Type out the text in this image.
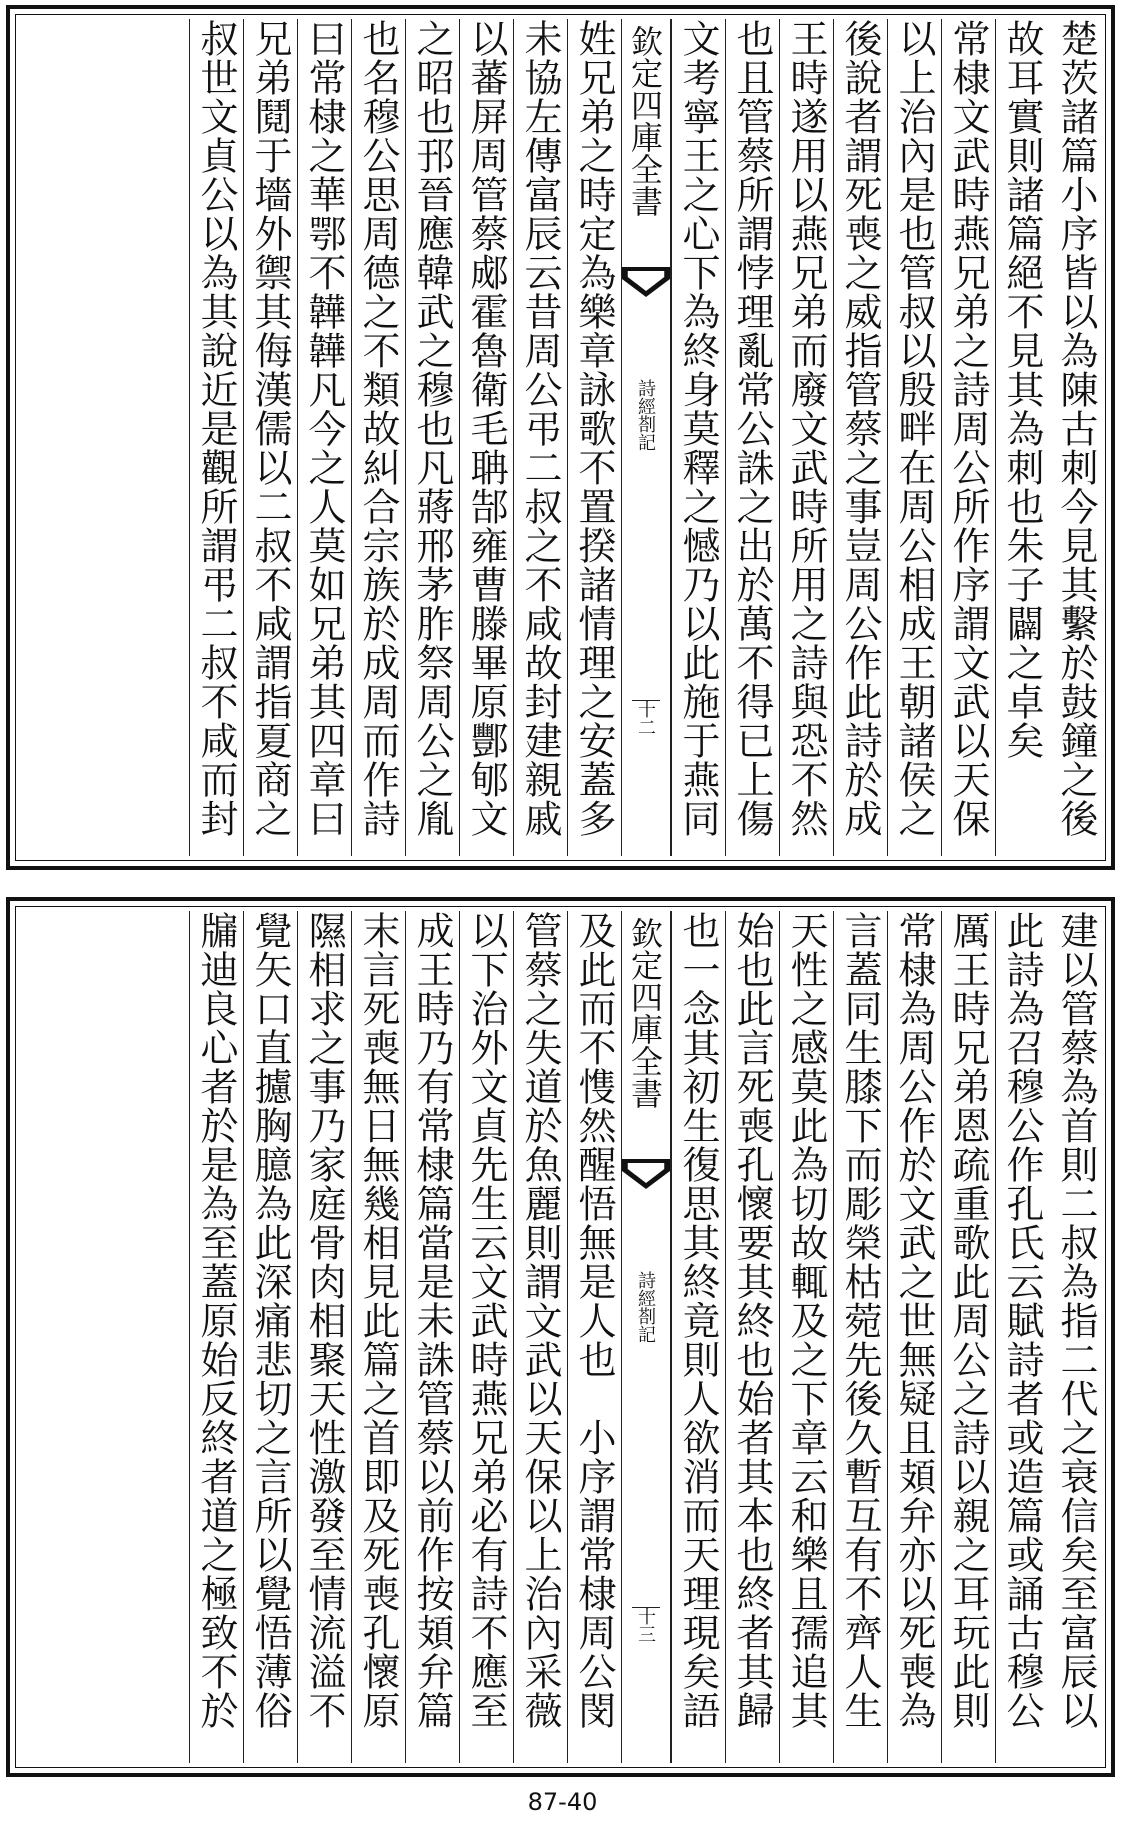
楚茨諸篇小序皆以為陳古刺今見其繫於鼓鐘之後
故耳實則諸篇絕不見其為刺也朱子闢之卓矣
常棣文武時燕兄弟之詩周公所作序謂文武以天保
以上治內是也管叔以殷畔在周公相成王朝諸侯之
後說者謂死喪之威指管蔡之事豈周公作此詩於成
王時遂用以燕兄弟而廢文武時所用之詩與恐不然
也且管蔡所謂悖理亂常公誅之出於萬不得已上傷
文考寧王之心下為終身莫釋之憾乃以此施于燕同
欽定四庫全書
詩經剳記
十二
姓兄弟之時定為樂章詠歌不置揆諸情理之安蓋多
未協左傳富辰云昔周公弔二叔之不咸故封建親戚
以蕃屏周管蔡郕霍魯衛毛聃郜雍曹滕畢原酆郇文
之昭也邘晉應韓武之穆也凡蔣邢茅胙祭周公之胤
也名穆公思周德之不類故糾合宗族於成周而作詩
曰常棣之華鄂不韡韡凡今之人莫如兄弟其四章曰
兄弟鬩于墻外禦其侮漢儒以二叔不咸謂指夏商之
叔世文貞公以為其說近是觀所謂弔二叔不咸而封
建以管蔡為首則二叔為指二代之衰信矣至富辰以
此詩為召穆公作孔氏云賦詩者或造篇或誦古穆公
厲王時兄弟恩疏重歌此周公之詩以親之耳玩此則
常棣為周公作於文武之世無疑且頍弁亦以死喪為
言蓋同生膝下而彫榮枯菀先後久暫互有不齊人生
天性之感莫此為切故輒及之下章云和樂且孺追其
始也此言死喪孔懷要其終也始者其本也終者其歸
也一念其初生復思其終竟則人欲消而天理現矣語
欽定四庫全書
詩經剳記
十三
及此而不愯然醒悟無是人也　小序謂常棣周公閔
管蔡之失道於魚麗則謂文武以天保以上治內采薇
以下治外文貞先生云文武時燕兄弟必有詩不應至
成王時乃有常棣篇當是未誅管蔡以前作按頍弁篇
末言死喪無日無幾相見此篇之首即及死喪孔懷原
隰相求之事乃家庭骨肉相聚天性激發至情流溢不
覺矢口直攄胸臆為此深痛悲切之言所以覺悟薄俗
牖迪良心者於是為至蓋原始反終者道之極致不於
87-40
